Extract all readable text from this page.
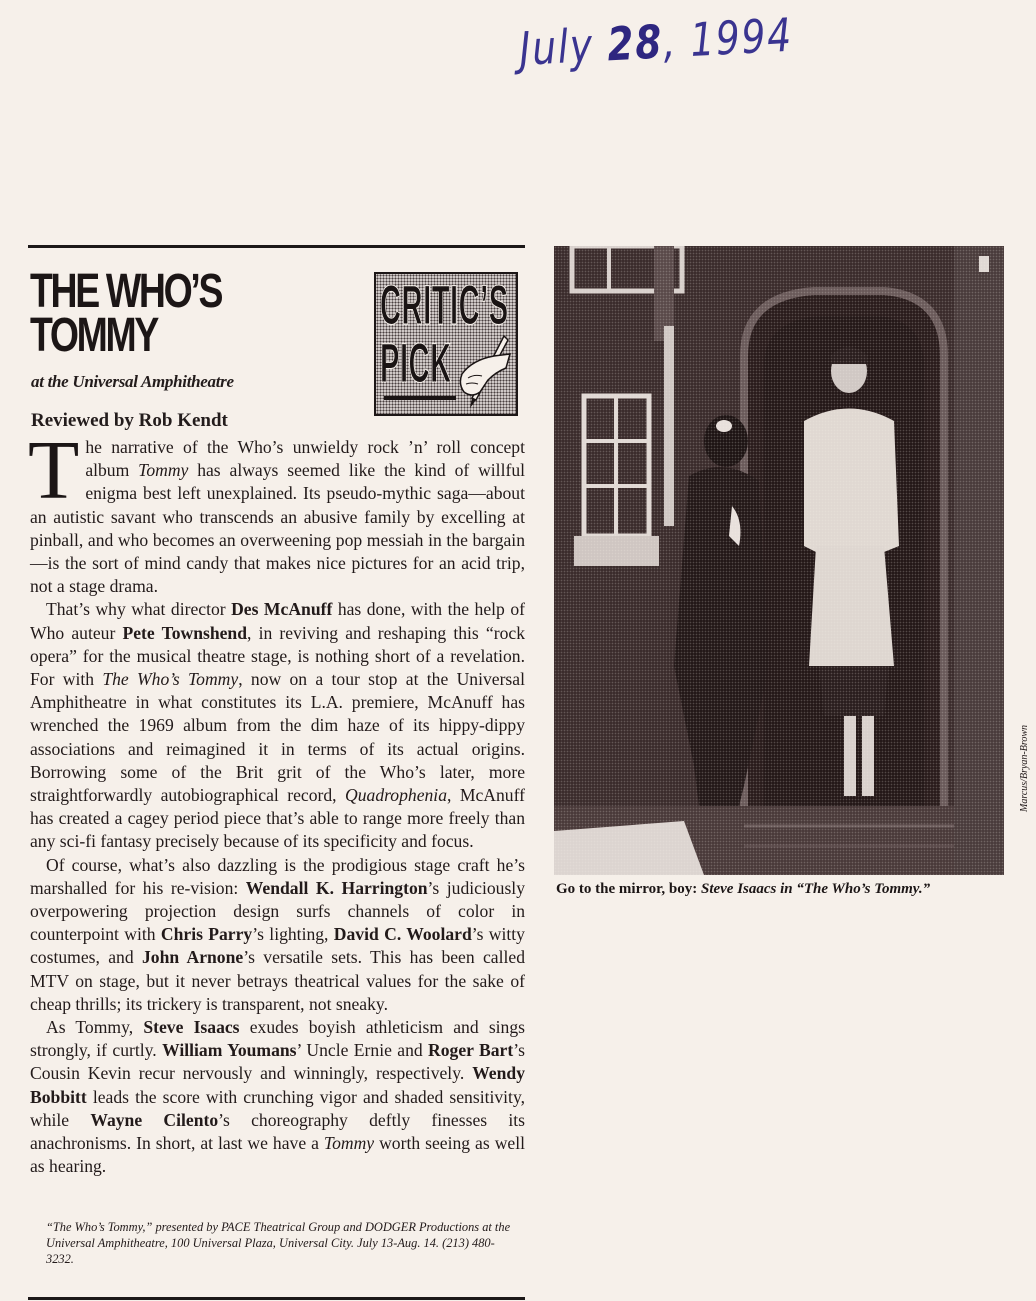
July 28, 1994
THE WHO’S
TOMMY
at the Universal Amphitheatre
Reviewed by Rob Kendt
CRITIC’S
PICK

The narrative of the Who’s unwieldy rock ’n’ roll concept album Tommy has always seemed like the kind of willful enigma best left unexplained. Its pseudo-mythic saga—about an autistic savant who transcends an abusive family by excelling at pinball, and who becomes an overweening pop messiah in the bargain—is the sort of mind candy that makes nice pictures for an acid trip, not a stage drama.

That’s why what director Des McAnuff has done, with the help of Who auteur Pete Townshend, in reviving and reshaping this “rock opera” for the musical theatre stage, is nothing short of a revelation. For with The Who’s Tommy, now on a tour stop at the Universal Amphitheatre in what constitutes its L.A. premiere, McAnuff has wrenched the 1969 album from the dim haze of its hippy-dippy associations and reimagined it in terms of its actual origins. Borrowing some of the Brit grit of the Who’s later, more straightforwardly autobiographical record, Quadrophenia, McAnuff has created a cagey period piece that’s able to range more freely than any sci-fi fantasy precisely because of its specificity and focus.

Of course, what’s also dazzling is the prodigious stage craft he’s marshalled for his re-vision: Wendall K. Harrington’s judiciously overpowering projection design surfs channels of color in counterpoint with Chris Parry’s lighting, David C. Woolard’s witty costumes, and John Arnone’s versatile sets. This has been called MTV on stage, but it never betrays theatrical values for the sake of cheap thrills; its trickery is transparent, not sneaky.

As Tommy, Steve Isaacs exudes boyish athleticism and sings strongly, if curtly. William Youmans’ Uncle Ernie and Roger Bart’s Cousin Kevin recur nervously and winningly, respectively. Wendy Bobbitt leads the score with crunching vigor and shaded sensitivity, while Wayne Cilento’s choreography deftly finesses its anachronisms. In short, at last we have a Tommy worth seeing as well as hearing.

“The Who’s Tommy,” presented by PACE Theatrical Group and DODGER Productions at the Universal Amphitheatre, 100 Universal Plaza, Universal City. July 13-Aug. 14. (213) 480-3232.
Marcus/Bryan-Brown
Go to the mirror, boy: Steve Isaacs in “The Who’s Tommy.”
